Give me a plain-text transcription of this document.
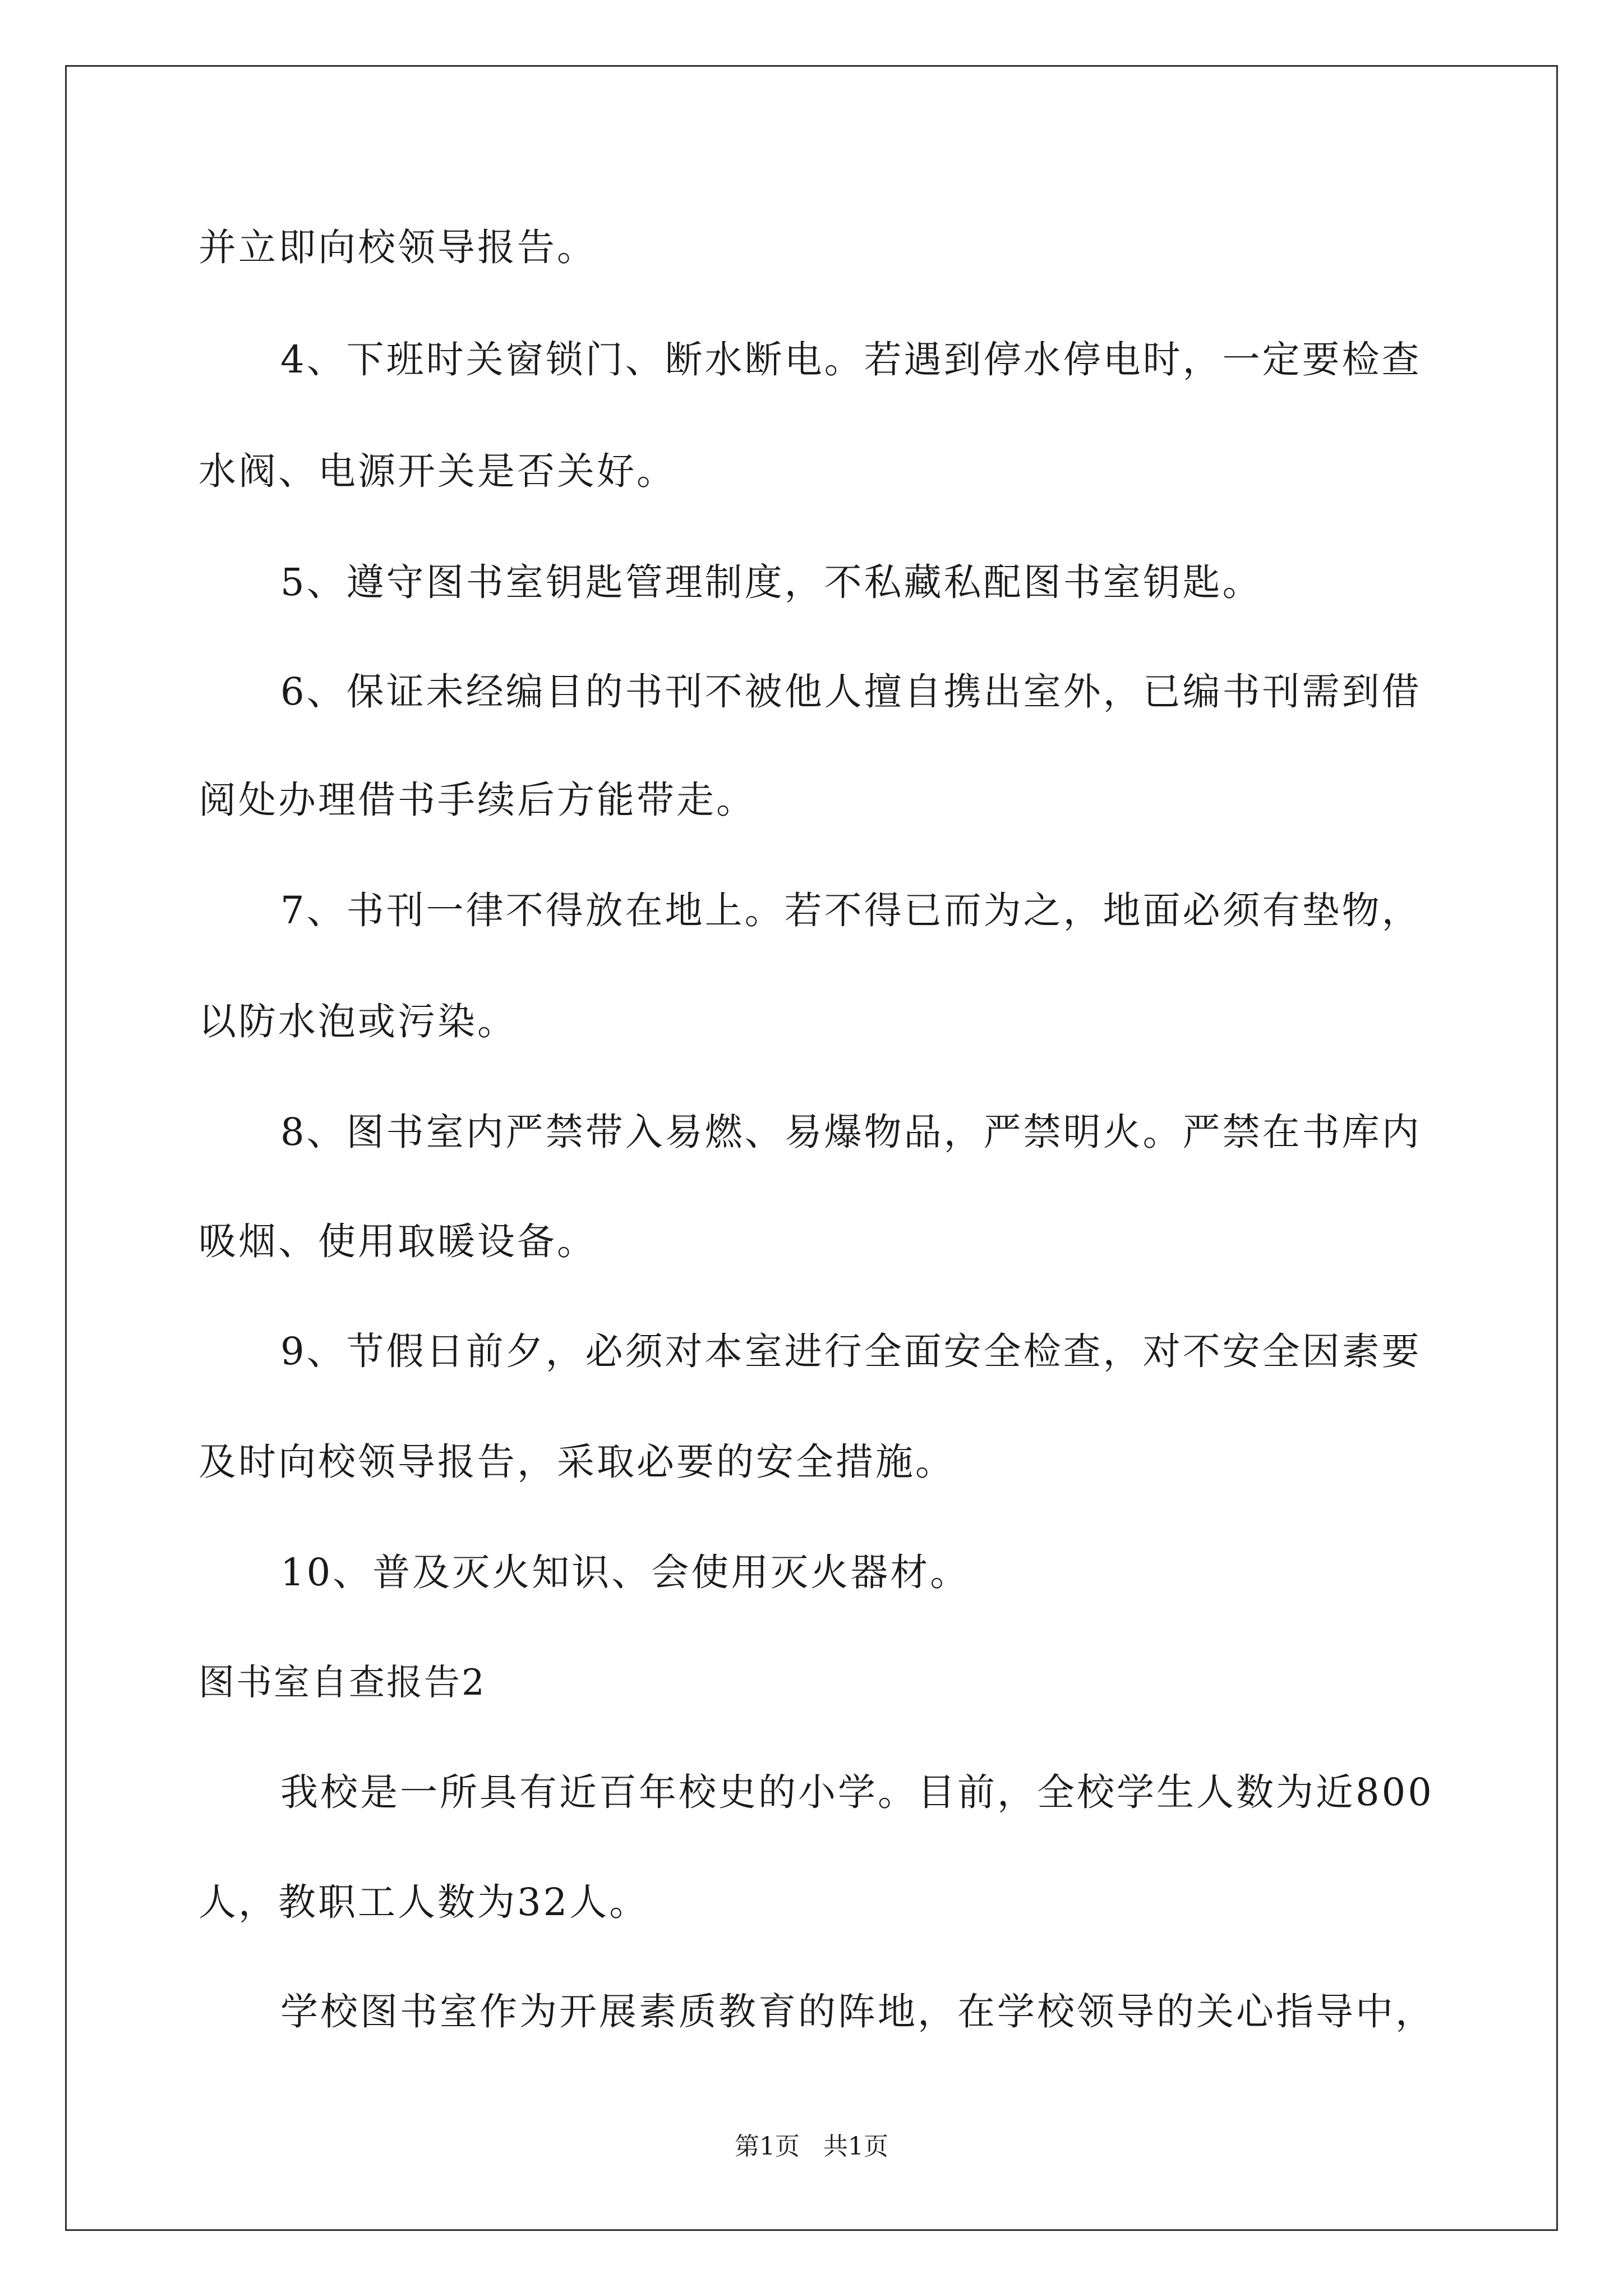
并立即向校领导报告。
4、下班时关窗锁门、断水断电。若遇到停水停电时，一定要检查
水阀、电源开关是否关好。
5、遵守图书室钥匙管理制度，不私藏私配图书室钥匙。
6、保证未经编目的书刊不被他人擅自携出室外，已编书刊需到借
阅处办理借书手续后方能带走。
7、书刊一律不得放在地上。若不得已而为之，地面必须有垫物，
以防水泡或污染。
8、图书室内严禁带入易燃、易爆物品，严禁明火。严禁在书库内
吸烟、使用取暖设备。
9、节假日前夕，必须对本室进行全面安全检查，对不安全因素要
及时向校领导报告，采取必要的安全措施。
10、普及灭火知识、会使用灭火器材。
图书室自查报告2
我校是一所具有近百年校史的小学。目前，全校学生人数为近800
人，教职工人数为32人。
学校图书室作为开展素质教育的阵地，在学校领导的关心指导中，
第1页   共1页
